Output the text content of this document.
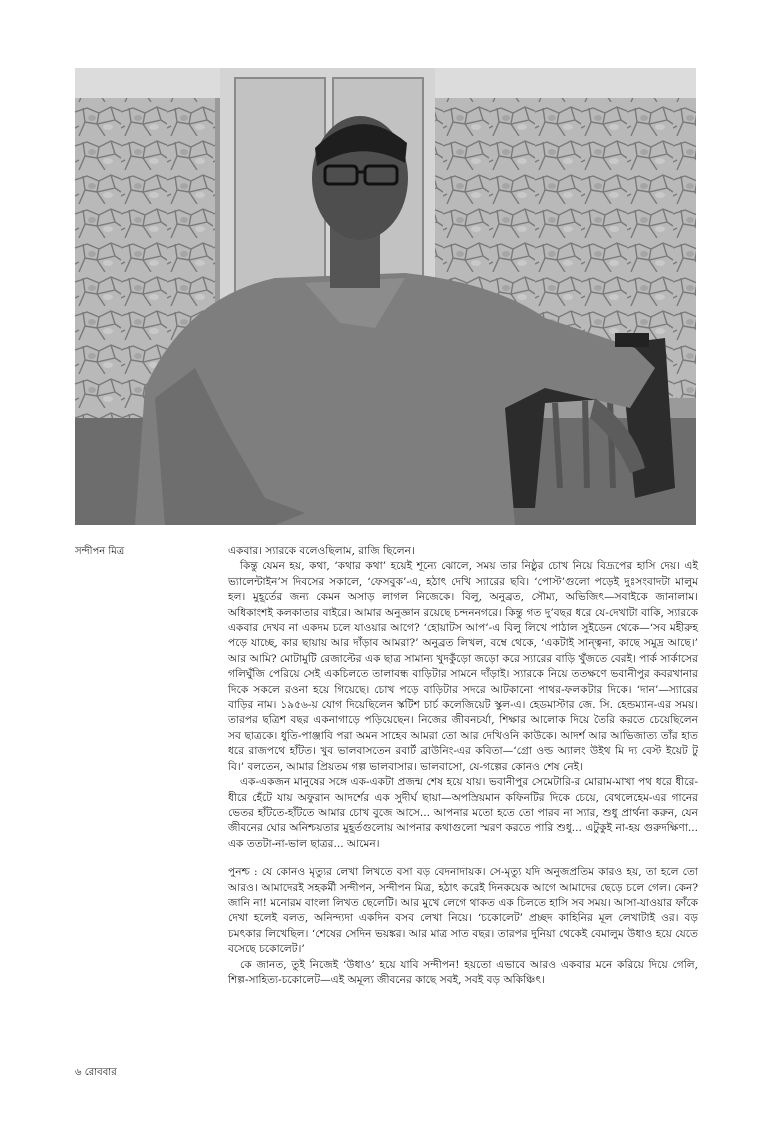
সন্দীপন মিত্র	একবার। স্যারকে বলেওছিলাম, রাজি ছিলেন।

কিন্তু যেমন হয়, কথা, ‘কথার কথা’ হয়েই শূন্যে ঝোলে, সময় তার নিষ্ঠুর চোখ নিয়ে বিদ্রূপের হাসি দেয়। এই ভ্যালেন্টাইন’স দিবসের সকালে, ‘ফেসবুক’-এ, হঠাৎ দেখি স্যারের ছবি। ‘পোস্ট’গুলো পড়েই দুঃসংবাদটা মালুম হল। মুহূর্তের জন্য কেমন অসাড় লাগল নিজেকে। বিলু, অনুব্রত, সৌম্য, অভিজিৎ—সবাইকে জানালাম। অধিকাংশই কলকাতার বাইরে। আমার অনুজ্ঞান রয়েছে চন্দননগরে। কিন্তু গত দু’বছর ধরে যে-দেখাটা বাকি, স্যারকে একবার দেখব না একদম চলে যাওয়ার আগে? ‘হোয়াটস আপ’-এ বিলু লিখে পাঠাল সুইডেন থেকে—‘সব মহীরুহ পড়ে যাচ্ছে, কার ছায়ায় আর দাঁড়াব আমরা?’ অনুব্রত লিখল, বম্বে থেকে, ‘একটাই সান্ত্বনা, কাছে সমুদ্র আছে।’ আর আমি? মোটামুটি রেজাল্টের এক ছাত্র সামান্য খুদকুঁড়ো জড়ো করে স্যারের বাড়ি খুঁজতে বেরই। পার্ক সার্কাসের গলিঘুঁজি পেরিয়ে সেই একচিলতে তালাবন্ধ বাড়িটার সামনে দাঁড়াই। স্যারকে নিয়ে ততক্ষণে ভবানীপুর কবরখানার দিকে সকলে রওনা হয়ে গিয়েছে। চোখ পড়ে বাড়িটার সদরে আটকানো পাথর-ফলকটার দিকে। ‘দান’—স্যারের বাড়ির নাম। ১৯৫৬-য় যোগ দিয়েছিলেন স্কটিশ চার্চ কলেজিয়েট স্কুল-এ। হেডমাস্টার জে. সি. হেন্ডম্যান-এর সময়। তারপর ছত্রিশ বছর একনাগাড়ে পড়িয়েছেন। নিজের জীবনচর্যা, শিক্ষার আলোক দিয়ে তৈরি করতে চেয়েছিলেন সব ছাত্রকে। ধুতি-পাঞ্জাবি পরা অমন সাহেব আমরা তো আর দেখিওনি কাউকে। আদর্শ আর আভিজাত্য তাঁর হাত ধরে রাজপথে হাঁটত। খুব ভালবাসতেন রবার্ট ব্রাউনিং-এর কবিতা—‘গ্রো ওল্ড অ্যালং উইথ মি দ্য বেস্ট ইয়েট টু বি।’ বলতেন, আমার প্রিয়তম গল্প ভালবাসার। ভালবাসো, যে-গল্পের কোনও শেষ নেই।

এক-একজন মানুষের সঙ্গে এক-একটা প্রজন্ম শেষ হয়ে যায়। ভবানীপুর সেমেটারি-র মোরাম-মাখা পথ ধরে ধীরে-ধীরে হেঁটে যায় অফুরান আদর্শের এক সুদীর্ঘ ছায়া—অপস্রিয়মান কফিনটির দিকে চেয়ে, বেথলেহেম-এর গানের ভেতর হাঁটতে-হাঁটতে আমার চোখ বুজে আসে... আপনার মতো হতে তো পারব না স্যার, শুধু প্রার্থনা করুন, যেন জীবনের ঘোর অনিশ্চয়তার মুহূর্তগুলোয় আপনার কথাগুলো স্মরণ করতে পারি শুধু... এটুকুই না-হয় গুরুদক্ষিণা... এক ততটা-না-ভাল ছাত্রর... আমেন।

পুনশ্চ : যে কোনও মৃত্যুর লেখা লিখতে বসা বড় বেদনাদায়ক। সে-মৃত্যু যদি অনুজপ্রতিম কারও হয়, তা হলে তো আরও। আমাদেরই সহকর্মী সন্দীপন, সন্দীপন মিত্র, হঠাৎ করেই দিনকয়েক আগে আমাদের ছেড়ে চলে গেল। কেন? জানি না! মনোরম বাংলা লিখত ছেলেটি। আর মুখে লেগে থাকত এক চিলতে হাসি সব সময়। আসা-যাওয়ার ফাঁকে দেখা হলেই বলত, অনিন্দ্যদা একদিন বসব লেখা নিয়ে। ‘চকোলেট’ প্রচ্ছদ কাহিনির মূল লেখাটাই ওর। বড় চমৎকার লিখেছিল। ‘শেষের সেদিন ভয়ঙ্কর। আর মাত্র সাত বছর। তারপর দুনিয়া থেকেই বেমালুম উধাও হয়ে যেতে বসেছে চকোলেট।’

কে জানত, তুই নিজেই ‘উধাও’ হয়ে যাবি সন্দীপন! হয়তো এভাবে আরও একবার মনে করিয়ে দিয়ে গেলি, শিল্প-সাহিত্য-চকোলেট—এই অমূল্য জীবনের কাছে সবই, সবই বড় অকিঞ্চিৎ।

৬ রোববার
